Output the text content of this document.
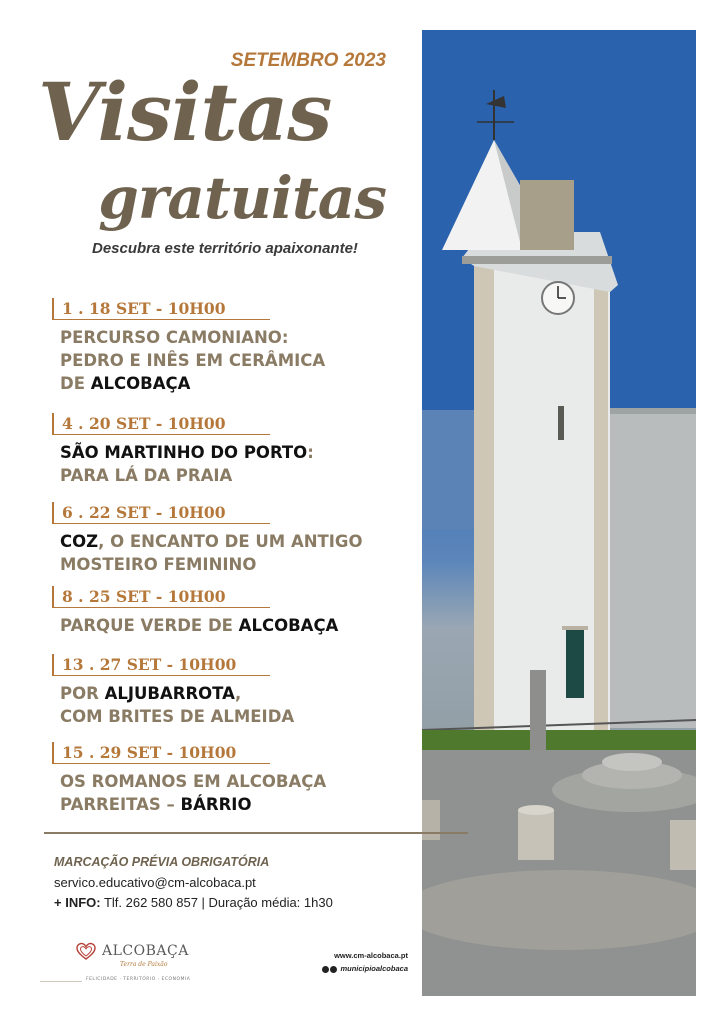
SETEMBRO 2023
Visitas
gratuitas
Descubra este território apaixonante!
1 . 18 SET - 10H00
PERCURSO CAMONIANO:
PEDRO E INÊS EM CERÂMICA
DE ALCOBAÇA
4 . 20 SET - 10H00
SÃO MARTINHO DO PORTO:
PARA LÁ DA PRAIA
6 . 22 SET - 10H00
COZ, O ENCANTO DE UM ANTIGO
MOSTEIRO FEMININO
8 . 25 SET - 10H00
PARQUE VERDE DE ALCOBAÇA
13 . 27 SET - 10H00
POR ALJUBARROTA,
COM BRITES DE ALMEIDA
15 . 29 SET - 10H00
OS ROMANOS EM ALCOBAÇA
PARREITAS – BÁRRIO
MARCAÇÃO PRÉVIA OBRIGATÓRIA
servico.educativo@cm-alcobaca.pt
+ INFO: Tlf. 262 580 857 | Duração média: 1h30
ALCOBAÇA
Terra de Paixão
FELICIDADE · TERRITÓRIO · ECONOMIA
www.cm-alcobaca.pt
municipioalcobaca
